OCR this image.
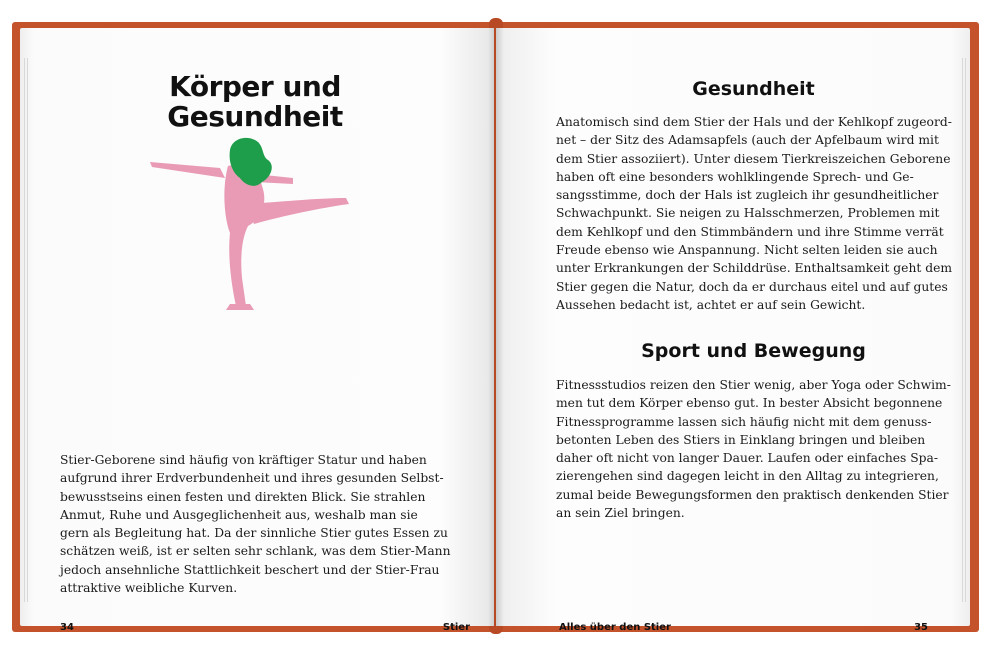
Körper und
Gesundheit
Stier-Geborene sind häufig von kräftiger Statur und haben
aufgrund ihrer Erdverbundenheit und ihres gesunden Selbst-
bewusstseins einen festen und direkten Blick. Sie strahlen
Anmut, Ruhe und Ausgeglichenheit aus, weshalb man sie
gern als Begleitung hat. Da der sinnliche Stier gutes Essen zu
schätzen weiß, ist er selten sehr schlank, was dem Stier-Mann
jedoch ansehnliche Stattlichkeit beschert und der Stier-Frau
attraktive weibliche Kurven.
34	Stier
Gesundheit
Anatomisch sind dem Stier der Hals und der Kehlkopf zugeord-
net – der Sitz des Adamsapfels (auch der Apfelbaum wird mit
dem Stier assoziiert). Unter diesem Tierkreiszeichen Geborene
haben oft eine besonders wohlklingende Sprech- und Ge-
sangsstimme, doch der Hals ist zugleich ihr gesundheitlicher
Schwachpunkt. Sie neigen zu Halsschmerzen, Problemen mit
dem Kehlkopf und den Stimmbändern und ihre Stimme verrät
Freude ebenso wie Anspannung. Nicht selten leiden sie auch
unter Erkrankungen der Schilddrüse. Enthaltsamkeit geht dem
Stier gegen die Natur, doch da er durchaus eitel und auf gutes
Aussehen bedacht ist, achtet er auf sein Gewicht.
Sport und Bewegung
Fitnessstudios reizen den Stier wenig, aber Yoga oder Schwim-
men tut dem Körper ebenso gut. In bester Absicht begonnene
Fitnessprogramme lassen sich häufig nicht mit dem genuss-
betonten Leben des Stiers in Einklang bringen und bleiben
daher oft nicht von langer Dauer. Laufen oder einfaches Spa-
zierengehen sind dagegen leicht in den Alltag zu integrieren,
zumal beide Bewegungsformen den praktisch denkenden Stier
an sein Ziel bringen.
Alles über den Stier	35
